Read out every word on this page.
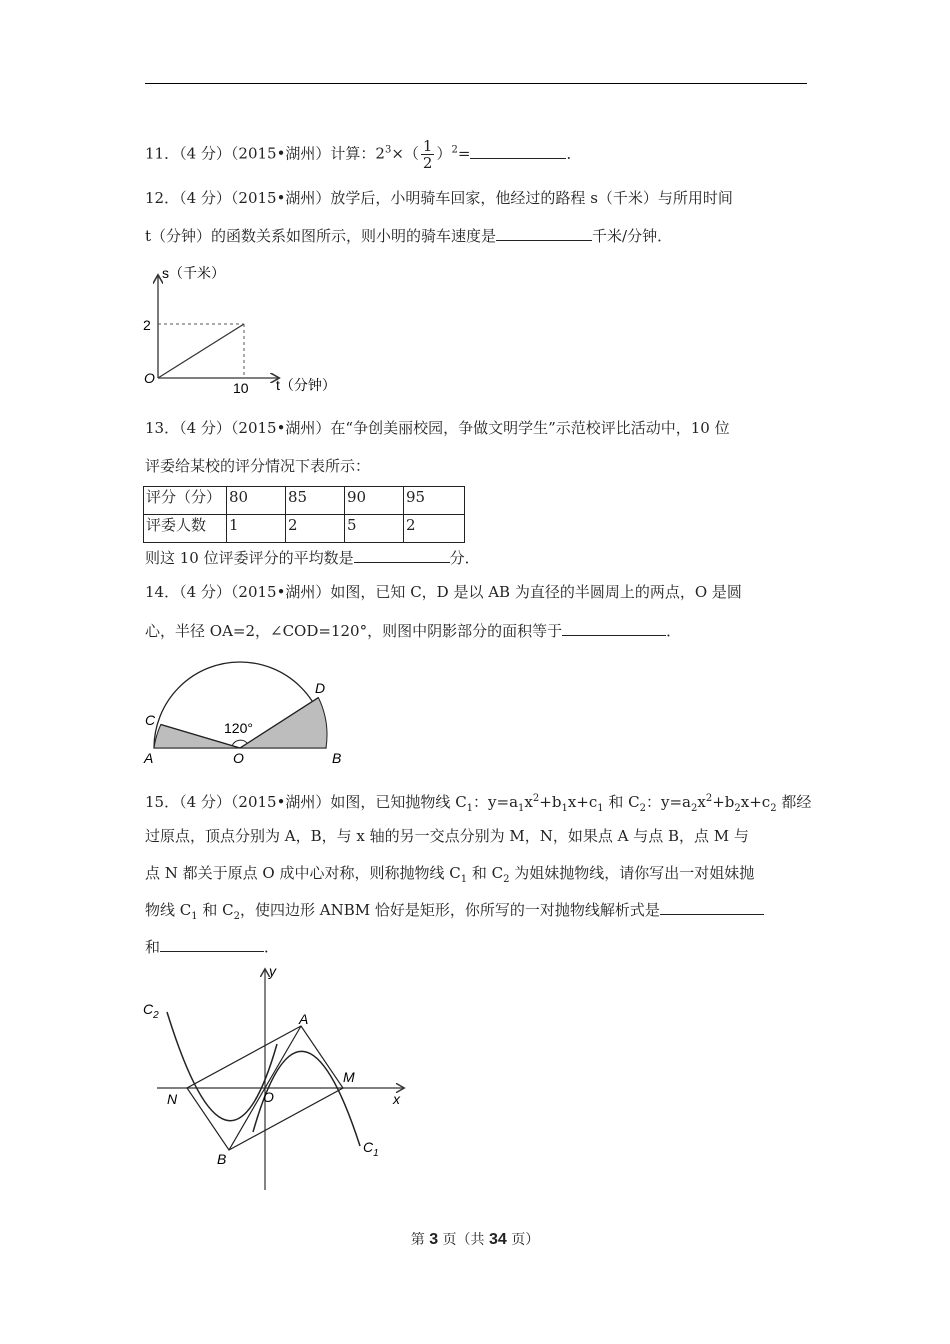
11．（4 分）（2015•湖州）计算：$2^3\times( \frac{1}{2} )^2=$	．
12．（4 分）（2015•湖州）放学后，小明骑车回家，他经过的路程 s（千米）与所用时间
t（分钟）的函数关系如图所示，则小明的骑车速度是	千米/分钟．
s（千米）
t（分钟）
2
10
O
13．（4 分）（2015•湖州）在“争创美丽校园，争做文明学生”示范校评比活动中，10 位
评委给某校的评分情况下表所示：
评分（分）	80	85	90	95
评委人数	1	2	5	2
则这 10 位评委评分的平均数是	分．
14．（4 分）（2015•湖州）如图，已知 C，D 是以 AB 为直径的半圆周上的两点，O 是圆
心，半径 OA=2，∠COD=120°，则图中阴影部分的面积等于	．
120°
A	B
C
D
O
15．（4 分）（2015•湖州）如图，已知抛物线 $C_1$：$y=a_1x^2+b_1x+c_1$ 和 $C_2$：$y=a_2x^2+b_2x+c_2$ 都经
过原点，顶点分别为 A，B，与 x 轴的另一交点分别为 M，N，如果点 A 与点 B，点 M 与
点 N 都关于原点 O 成中心对称，则称抛物线 $C_1$ 和 $C_2$ 为姐妹抛物线，请你写出一对姐妹抛
物线 $C_1$ 和 $C_2$，使四边形 ANBM 恰好是矩形，你所写的一对抛物线解析式是
和	．
y
x
$C_2$
$C_1$
A
B
M
N	O
第 3 页（共 34 页）
